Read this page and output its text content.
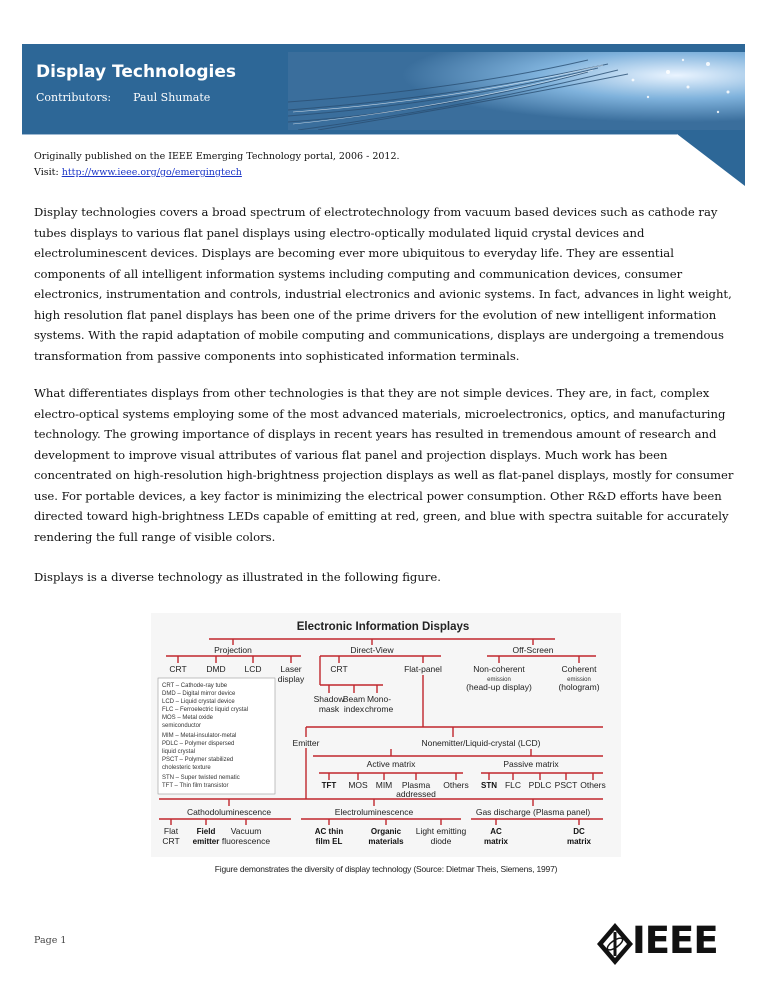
Display Technologies
Contributors: Paul Shumate
Originally published on the IEEE Emerging Technology portal, 2006 - 2012.
Visit: http://www.ieee.org/go/emergingtech
Display technologies covers a broad spectrum of electrotechnology from vacuum based devices such as cathode ray tubes displays to various flat panel displays using electro-optically modulated liquid crystal devices and electroluminescent devices. Displays are becoming ever more ubiquitous to everyday life. They are essential components of all intelligent information systems including computing and communication devices, consumer electronics, instrumentation and controls, industrial electronics and avionic systems. In fact, advances in light weight, high resolution flat panel displays has been one of the prime drivers for the evolution of new intelligent information systems. With the rapid adaptation of mobile computing and communications, displays are undergoing a tremendous transformation from passive components into sophisticated information terminals.
What differentiates displays from other technologies is that they are not simple devices. They are, in fact, complex electro-optical systems employing some of the most advanced materials, microelectronics, optics, and manufacturing technology. The growing importance of displays in recent years has resulted in tremendous amount of research and development to improve visual attributes of various flat panel and projection displays. Much work has been concentrated on high-resolution high-brightness projection displays as well as flat-panel displays, mostly for consumer use. For portable devices, a key factor is minimizing the electrical power consumption. Other R&D efforts have been directed toward high-brightness LEDs capable of emitting at red, green, and blue with spectra suitable for accurately rendering the full range of visible colors.
Displays is a diverse technology as illustrated in the following figure.
Electronic Information Displays
Projection	Direct-View	Off-Screen
CRT DMD LCD Laser
display
CRT	Flat-panel
Shadow
mask
Beam
index
Mono-
chrome
Non-coherent
emission
(head-up display)
Coherent
emission
(hologram)
CRT – Cathode-ray tube
DMD – Digital mirror device
LCD – Liquid crystal device
FLC – Ferroelectric liquid crystal
MOS – Metal oxide
semiconductor
MIM – Metal-insulator-metal
PDLC – Polymer dispersed
liquid crystal
PSCT – Polymer stabilized
cholesteric texture
STN – Super twisted nematic
TFT – Thin film transistor
Emitter	Nonemitter/Liquid-crystal (LCD)
Active matrix	Passive matrix
TFT MOS MIM Plasma
addressed
Others STN FLC PDLC PSCT Others
Cathodoluminescence	Electroluminescence	Gas discharge (Plasma panel)
Flat
CRT
Field
emitter
Vacuum
fluorescence
AC thin
film EL
Organic
materials
Light emitting
diode
AC
matrix
DC
matrix
Figure demonstrates the diversity of display technology (Source: Dietmar Theis, Siemens, 1997)
Page 1	IEEE
